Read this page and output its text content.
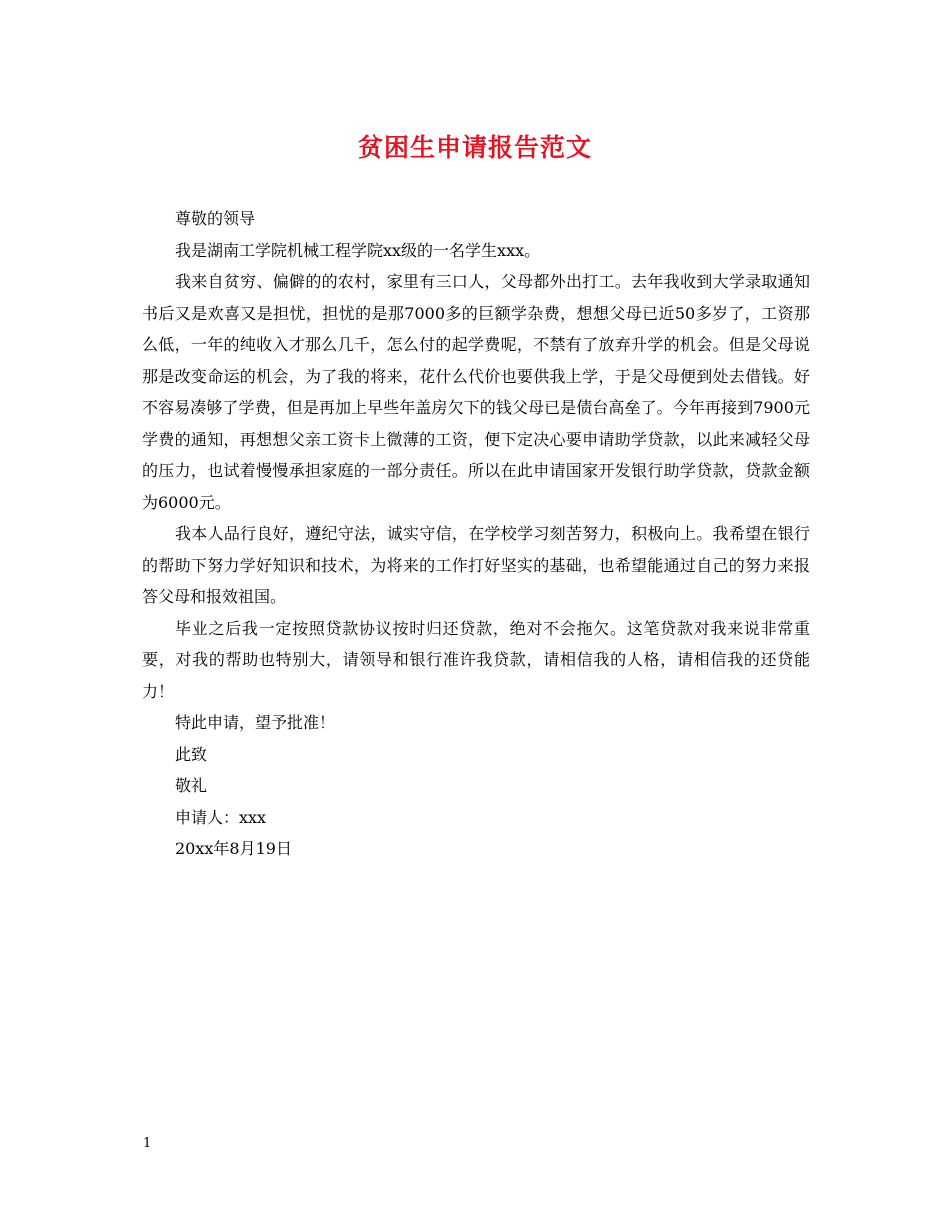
贫困生申请报告范文

尊敬的领导

我是湖南工学院机械工程学院xx级的一名学生xxx。

我来自贫穷、偏僻的的农村，家里有三口人，父母都外出打工。去年我收到大学录取通知书后又是欢喜又是担忧，担忧的是那7000多的巨额学杂费，想想父母已近50多岁了，工资那么低，一年的纯收入才那么几千，怎么付的起学费呢，不禁有了放弃升学的机会。但是父母说那是改变命运的机会，为了我的将来，花什么代价也要供我上学，于是父母便到处去借钱。好不容易凑够了学费，但是再加上早些年盖房欠下的钱父母已是债台高垒了。今年再接到7900元学费的通知，再想想父亲工资卡上微薄的工资，便下定决心要申请助学贷款，以此来减轻父母的压力，也试着慢慢承担家庭的一部分责任。所以在此申请国家开发银行助学贷款，贷款金额为6000元。

我本人品行良好，遵纪守法，诚实守信，在学校学习刻苦努力，积极向上。我希望在银行的帮助下努力学好知识和技术，为将来的工作打好坚实的基础，也希望能通过自己的努力来报答父母和报效祖国。

毕业之后我一定按照贷款协议按时归还贷款，绝对不会拖欠。这笔贷款对我来说非常重要，对我的帮助也特别大，请领导和银行准许我贷款，请相信我的人格，请相信我的还贷能力！

特此申请，望予批准！

此致

敬礼

申请人：xxx

20xx年8月19日

1
